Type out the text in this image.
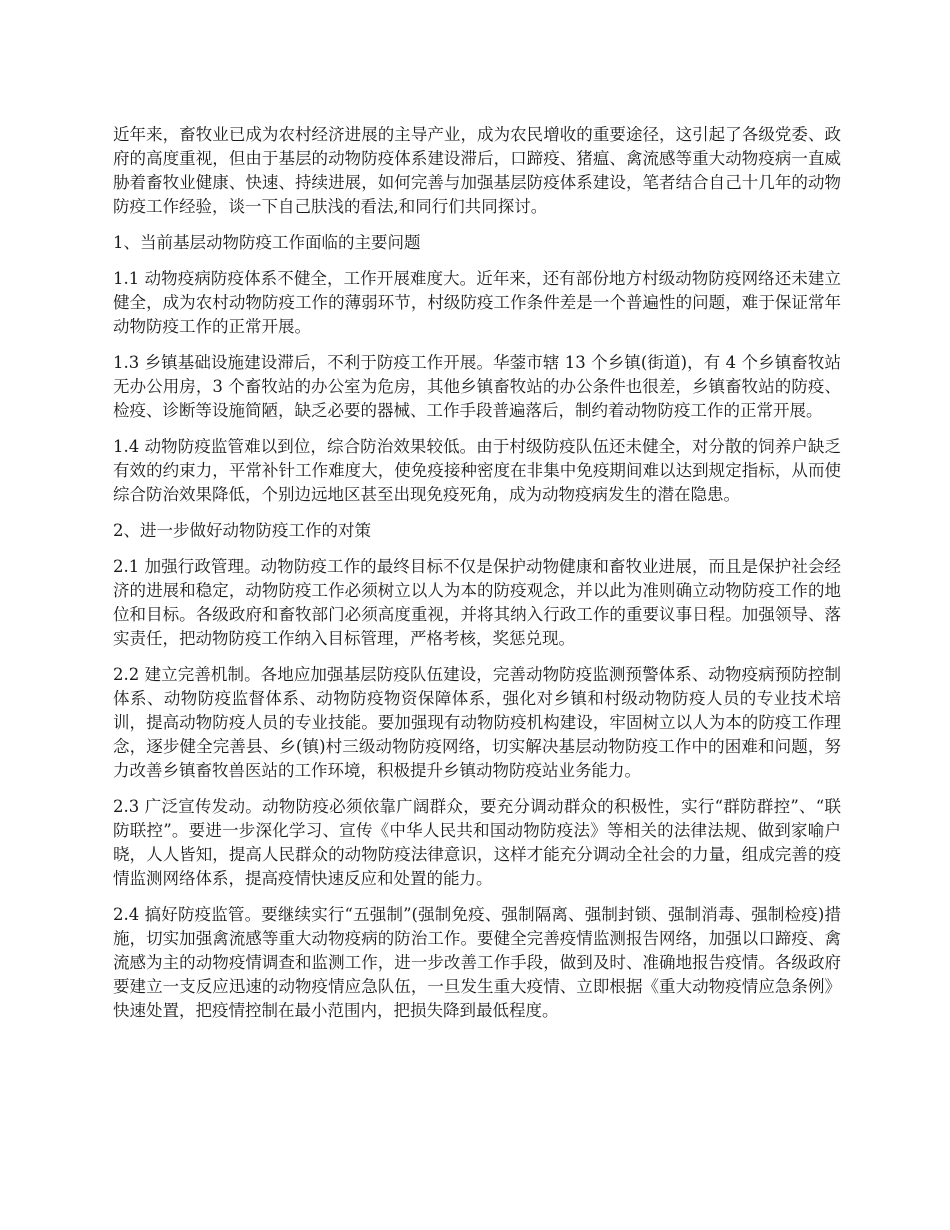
近年来，畜牧业已成为农村经济进展的主导产业，成为农民增收的重要途径，这引起了各级党委、政府的高度重视，但由于基层的动物防疫体系建设滞后，口蹄疫、猪瘟、禽流感等重大动物疫病一直威胁着畜牧业健康、快速、持续进展，如何完善与加强基层防疫体系建设，笔者结合自己十几年的动物防疫工作经验，谈一下自己肤浅的看法,和同行们共同探讨。

1、当前基层动物防疫工作面临的主要问题

1.1 动物疫病防疫体系不健全，工作开展难度大。近年来，还有部份地方村级动物防疫网络还未建立健全，成为农村动物防疫工作的薄弱环节，村级防疫工作条件差是一个普遍性的问题，难于保证常年动物防疫工作的正常开展。

1.3 乡镇基础设施建设滞后，不利于防疫工作开展。华蓥市辖 13 个乡镇(街道)，有 4 个乡镇畜牧站无办公用房，3 个畜牧站的办公室为危房，其他乡镇畜牧站的办公条件也很差，乡镇畜牧站的防疫、检疫、诊断等设施简陋，缺乏必要的器械、工作手段普遍落后，制约着动物防疫工作的正常开展。

1.4 动物防疫监管难以到位，综合防治效果较低。由于村级防疫队伍还未健全，对分散的饲养户缺乏有效的约束力，平常补针工作难度大，使免疫接种密度在非集中免疫期间难以达到规定指标，从而使综合防治效果降低，个别边远地区甚至出现免疫死角，成为动物疫病发生的潜在隐患。

2、进一步做好动物防疫工作的对策

2.1 加强行政管理。动物防疫工作的最终目标不仅是保护动物健康和畜牧业进展，而且是保护社会经济的进展和稳定，动物防疫工作必须树立以人为本的防疫观念，并以此为准则确立动物防疫工作的地位和目标。各级政府和畜牧部门必须高度重视，并将其纳入行政工作的重要议事日程。加强领导、落实责任，把动物防疫工作纳入目标管理，严格考核，奖惩兑现。

2.2 建立完善机制。各地应加强基层防疫队伍建设，完善动物防疫监测预警体系、动物疫病预防控制体系、动物防疫监督体系、动物防疫物资保障体系，强化对乡镇和村级动物防疫人员的专业技术培训，提高动物防疫人员的专业技能。要加强现有动物防疫机构建设，牢固树立以人为本的防疫工作理念，逐步健全完善县、乡(镇)村三级动物防疫网络，切实解决基层动物防疫工作中的困难和问题，努力改善乡镇畜牧兽医站的工作环境，积极提升乡镇动物防疫站业务能力。

2.3 广泛宣传发动。动物防疫必须依靠广阔群众，要充分调动群众的积极性，实行“群防群控”、“联防联控”。要进一步深化学习、宣传《中华人民共和国动物防疫法》等相关的法律法规、做到家喻户晓，人人皆知，提高人民群众的动物防疫法律意识，这样才能充分调动全社会的力量，组成完善的疫情监测网络体系，提高疫情快速反应和处置的能力。

2.4 搞好防疫监管。要继续实行“五强制”(强制免疫、强制隔离、强制封锁、强制消毒、强制检疫)措施，切实加强禽流感等重大动物疫病的防治工作。要健全完善疫情监测报告网络，加强以口蹄疫、禽流感为主的动物疫情调查和监测工作，进一步改善工作手段，做到及时、准确地报告疫情。各级政府要建立一支反应迅速的动物疫情应急队伍，一旦发生重大疫情、立即根据《重大动物疫情应急条例》快速处置，把疫情控制在最小范围内，把损失降到最低程度。
